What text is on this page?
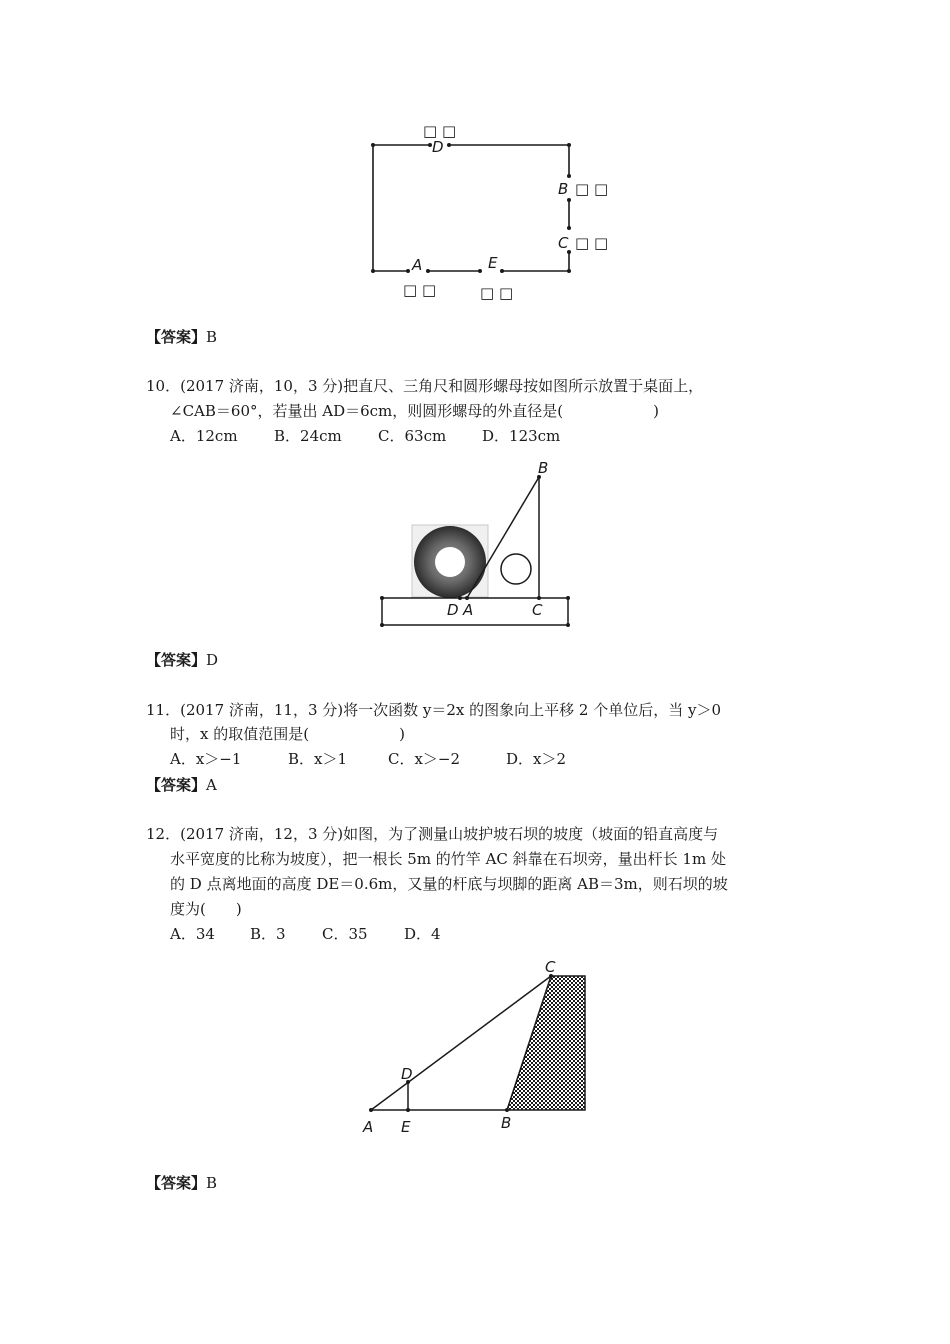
D
B
C
A	E
□ □
□ □
□ □
□ □	□ □
【答案】B
10．(2017 济南，10，3 分)把直尺、三角尺和圆形螺母按如图所示放置于桌面上，
∠CAB＝60°，若量出 AD＝6cm，则圆形螺母的外直径是(　　　　　　)
A．12cm B．24cm C．63cm D．123cm
B
D A	C
【答案】D
11．(2017 济南，11，3 分)将一次函数 y＝2x 的图象向上平移 2 个单位后，当 y＞0
时，x 的取值范围是(　　　　　　)
A．x＞−1	B．x＞1	C．x＞−2	D．x＞2
【答案】A
12．(2017 济南，12，3 分)如图，为了测量山坡护坡石坝的坡度（坡面的铅直高度与
水平宽度的比称为坡度），把一根长 5m 的竹竿 AC 斜靠在石坝旁，量出杆长 1m 处
的 D 点离地面的高度 DE＝0.6m，又量的杆底与坝脚的距离 AB＝3m，则石坝的坡
度为(　　)
A．34 B．3 C．35 D．4
C
D
A E	B
【答案】B
